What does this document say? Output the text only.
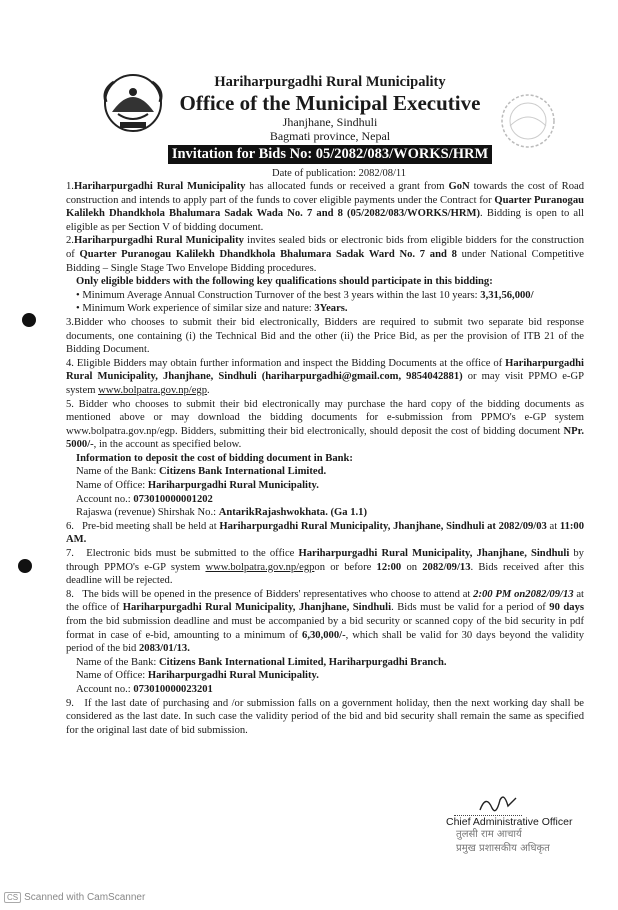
Hariharpurgadhi Rural Municipality
Office of the Municipal Executive
Jhanjhane, Sindhuli
Bagmati province, Nepal
Invitation for Bids No: 05/2082/083/WORKS/HRM
Date of publication: 2082/08/11

1.Hariharpurgadhi Rural Municipality has allocated funds or received a grant from GoN towards the cost of Road construction and intends to apply part of the funds to cover eligible payments under the Contract for Quarter Puranogau Kalilekh Dhandkhola Bhalumara Sadak Wada No. 7 and 8 (05/2082/083/WORKS/HRM). Bidding is open to all eligible as per Section V of bidding document.

2.Hariharpurgadhi Rural Municipality invites sealed bids or electronic bids from eligible bidders for the construction of Quarter Puranogau Kalilekh Dhandkhola Bhalumara Sadak Ward No. 7 and 8 under National Competitive Bidding – Single Stage Two Envelope Bidding procedures.

Only eligible bidders with the following key qualifications should participate in this bidding:

• Minimum Average Annual Construction Turnover of the best 3 years within the last 10 years: 3,31,56,000/

• Minimum Work experience of similar size and nature: 3Years.

3.Bidder who chooses to submit their bid electronically, Bidders are required to submit two separate bid response documents, one containing (i) the Technical Bid and the other (ii) the Price Bid, as per the provision of ITB 21 of the Bidding Document.

4. Eligible Bidders may obtain further information and inspect the Bidding Documents at the office of Hariharpurgadhi Rural Municipality, Jhanjhane, Sindhuli (hariharpurgadhi@gmail.com, 9854042881) or may visit PPMO e-GP system www.bolpatra.gov.np/egp.

5. Bidder who chooses to submit their bid electronically may purchase the hard copy of the bidding documents as mentioned above or may download the bidding documents for e-submission from PPMO's e-GP system www.bolpatra.gov.np/egp. Bidders, submitting their bid electronically, should deposit the cost of bidding document NPr. 5000/-, in the account as specified below.

Information to deposit the cost of bidding document in Bank:

Name of the Bank: Citizens Bank International Limited.

Name of Office: Hariharpurgadhi Rural Municipality.

Account no.: 073010000001202

Rajaswa (revenue) Shirshak No.: AntarikRajashwokhata. (Ga 1.1)

6. Pre-bid meeting shall be held at Hariharpurgadhi Rural Municipality, Jhanjhane, Sindhuli at 2082/09/03 at 11:00 AM.

7. Electronic bids must be submitted to the office Hariharpurgadhi Rural Municipality, Jhanjhane, Sindhuli by through PPMO's e-GP system www.bolpatra.gov.np/egpon or before 12:00 on 2082/09/13. Bids received after this deadline will be rejected.

8. The bids will be opened in the presence of Bidders' representatives who choose to attend at 2:00 PM on2082/09/13 at the office of Hariharpurgadhi Rural Municipality, Jhanjhane, Sindhuli. Bids must be valid for a period of 90 days from the bid submission deadline and must be accompanied by a bid security or scanned copy of the bid security in pdf format in case of e-bid, amounting to a minimum of 6,30,000/-, which shall be valid for 30 days beyond the validity period of the bid 2083/01/13.

Name of the Bank: Citizens Bank International Limited, Hariharpurgadhi Branch.

Name of Office: Hariharpurgadhi Rural Municipality.

Account no.: 073010000023201

9. If the last date of purchasing and /or submission falls on a government holiday, then the next working day shall be considered as the last date. In such case the validity period of the bid and bid security shall remain the same as specified for the original last date of bid submission.

Chief Administrative Officer
तुलसी राम आचार्य
प्रमुख प्रशासकीय अधिकृत
CS Scanned with CamScanner
